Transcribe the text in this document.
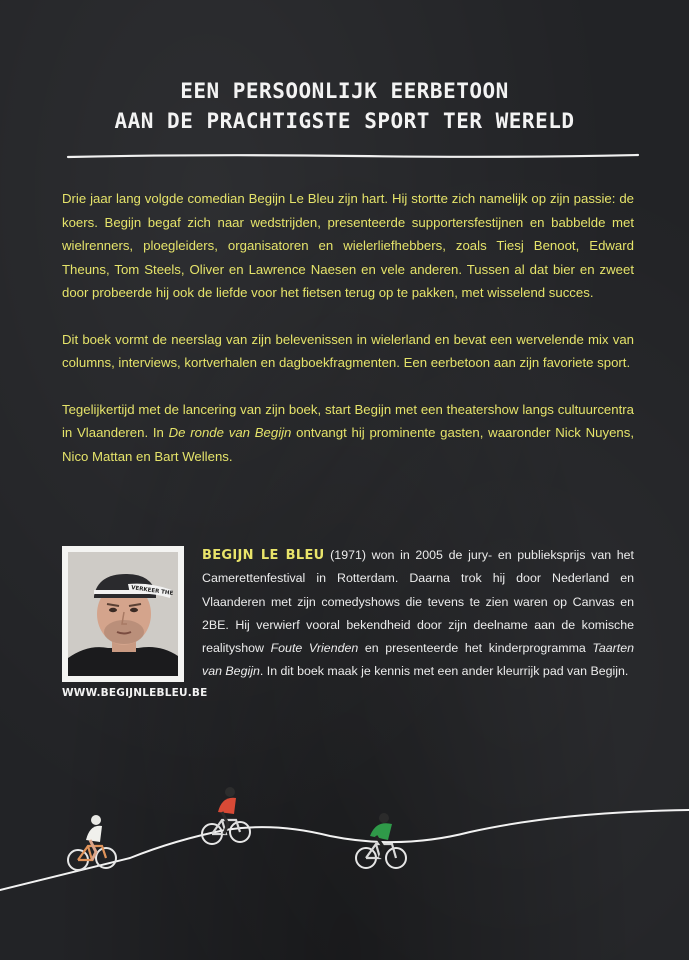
EEN PERSOONLIJK EERBETOON
AAN DE PRACHTIGSTE SPORT TER WERELD

Drie jaar lang volgde comedian Begijn Le Bleu zijn hart. Hij stortte zich namelijk op zijn passie: de koers. Begijn begaf zich naar wedstrijden, presenteerde supportersfestijnen en babbelde met wielrenners, ploegleiders, organisatoren en wielerliefhebbers, zoals Tiesj Benoot, Edward Theuns, Tom Steels, Oliver en Lawrence Naesen en vele anderen. Tussen al dat bier en zweet door probeerde hij ook de liefde voor het fietsen terug op te pakken, met wisselend succes.

Dit boek vormt de neerslag van zijn belevenissen in wielerland en bevat een wervelende mix van columns, interviews, kortverhalen en dagboekfragmenten. Een eerbetoon aan zijn favoriete sport.

Tegelijkertijd met de lancering van zijn boek, start Begijn met een theatershow langs cultuurcentra in Vlaanderen. In De ronde van Begijn ontvangt hij prominente gasten, waaronder Nick Nuyens, Nico Mattan en Bart Wellens.

VERKEER THE
WWW.BEGIJNLEBLEU.BE
BEGIJN LE BLEU (1971) won in 2005 de jury- en publieksprijs van het Camerettenfestival in Rotterdam. Daarna trok hij door Nederland en Vlaanderen met zijn comedyshows die tevens te zien waren op Canvas en 2BE. Hij verwierf vooral bekendheid door zijn deelname aan de komische realityshow Foute Vrienden en presenteerde het kinderprogramma Taarten van Begijn. In dit boek maak je kennis met een ander kleurrijk pad van Begijn.
